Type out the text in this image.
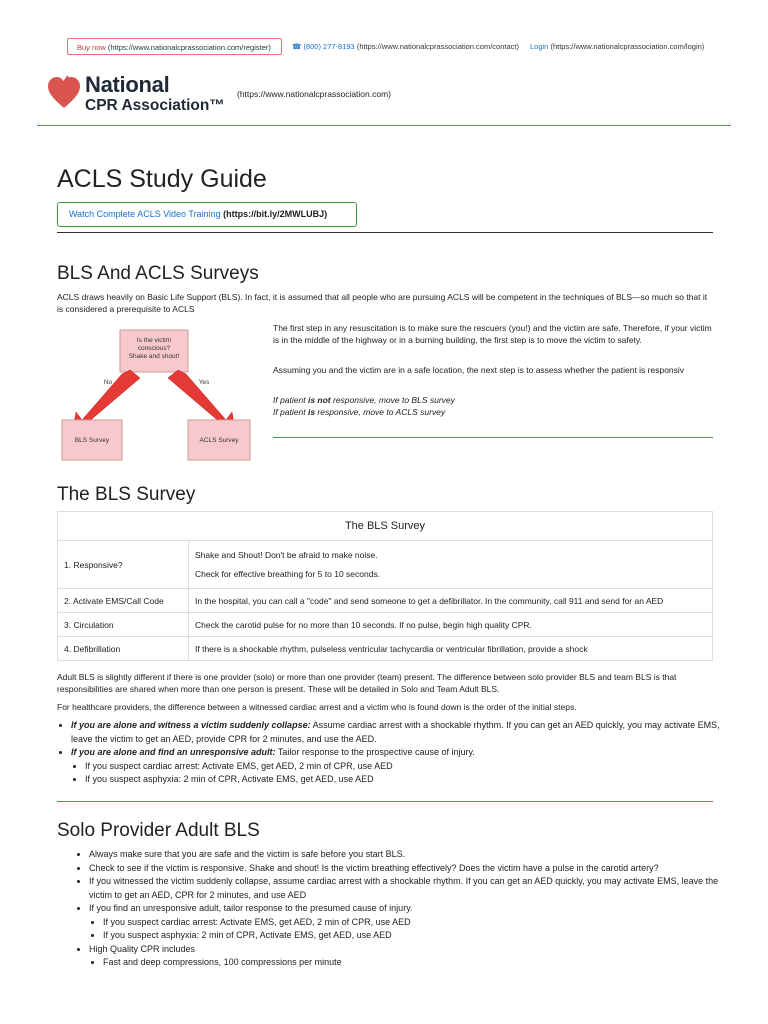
Buy now (https://www.nationalcprassociation.com/register)	☎ (800) 277-8193 (https://www.nationalcprassociation.com/contact) Login (https://www.nationalcprassociation.com/login)
National
CPR Association™
(https://www.nationalcprassociation.com)
ACLS Study Guide
Watch Complete ACLS Video Training (https://bit.ly/2MWLUBJ)
BLS And ACLS Surveys

ACLS draws heavily on Basic Life Support (BLS). In fact, it is assumed that all people who are pursuing ACLS will be competent in the techniques of BLS—so much so that it is considered a prerequisite to ACLS

Is the victim
conscious?
Shake and shout!
No	Yes
BLS Survey	ACLS Survey

The first step in any resuscitation is to make sure the rescuers (you!) and the victim are safe. Therefore, if your victim is in the middle of the highway or in a burning building, the first step is to move the victim to safety.

Assuming you and the victim are in a safe location, the next step is to assess whether the patient is responsiv

If patient is not responsive, move to BLS survey

If patient is responsive, move to ACLS survey

The BLS Survey
The BLS Survey	
1. Responsive?	Shake and Shout! Don't be afraid to make noise.

Check for effective breathing for 5 to 10 seconds.

2. Activate EMS/Call Code	In the hospital, you can call a "code" and send someone to get a defibrillator. In the community, call 911 and send for an AED
3. Circulation	Check the carotid pulse for no more than 10 seconds. If no pulse, begin high quality CPR.
4. Defibrillation	If there is a shockable rhythm, pulseless ventricular tachycardia or ventricular fibrillation, provide a shock

Adult BLS is slightly different if there is one provider (solo) or more than one provider (team) present. The difference between solo provider BLS and team BLS is that responsibilities are shared when more than one person is present. These will be detailed in Solo and Team Adult BLS.

For healthcare providers, the difference between a witnessed cardiac arrest and a victim who is found down is the order of the initial steps.

• If you are alone and witness a victim suddenly collapse: Assume cardiac arrest with a shockable rhythm. If you can get an AED quickly, you may activate EMS, leave the victim to get an AED, provide CPR for 2 minutes, and use the AED.
• If you are alone and find an unresponsive adult: Tailor response to the prospective cause of injury.
• If you suspect cardiac arrest: Activate EMS, get AED, 2 min of CPR, use AED
• If you suspect asphyxia: 2 min of CPR, Activate EMS, get AED, use AED
Solo Provider Adult BLS
• Always make sure that you are safe and the victim is safe before you start BLS.
• Check to see if the victim is responsive. Shake and shout! Is the victim breathing effectively? Does the victim have a pulse in the carotid artery?
• If you witnessed the victim suddenly collapse, assume cardiac arrest with a shockable rhythm. If you can get an AED quickly, you may activate EMS, leave the victim to get an AED, CPR for 2 minutes, and use AED
• If you find an unresponsive adult, tailor response to the presumed cause of injury.
• If you suspect cardiac arrest: Activate EMS, get AED, 2 min of CPR, use AED
• If you suspect asphyxia: 2 min of CPR, Activate EMS, get AED, use AED
• High Quality CPR includes
• Fast and deep compressions, 100 compressions per minute
